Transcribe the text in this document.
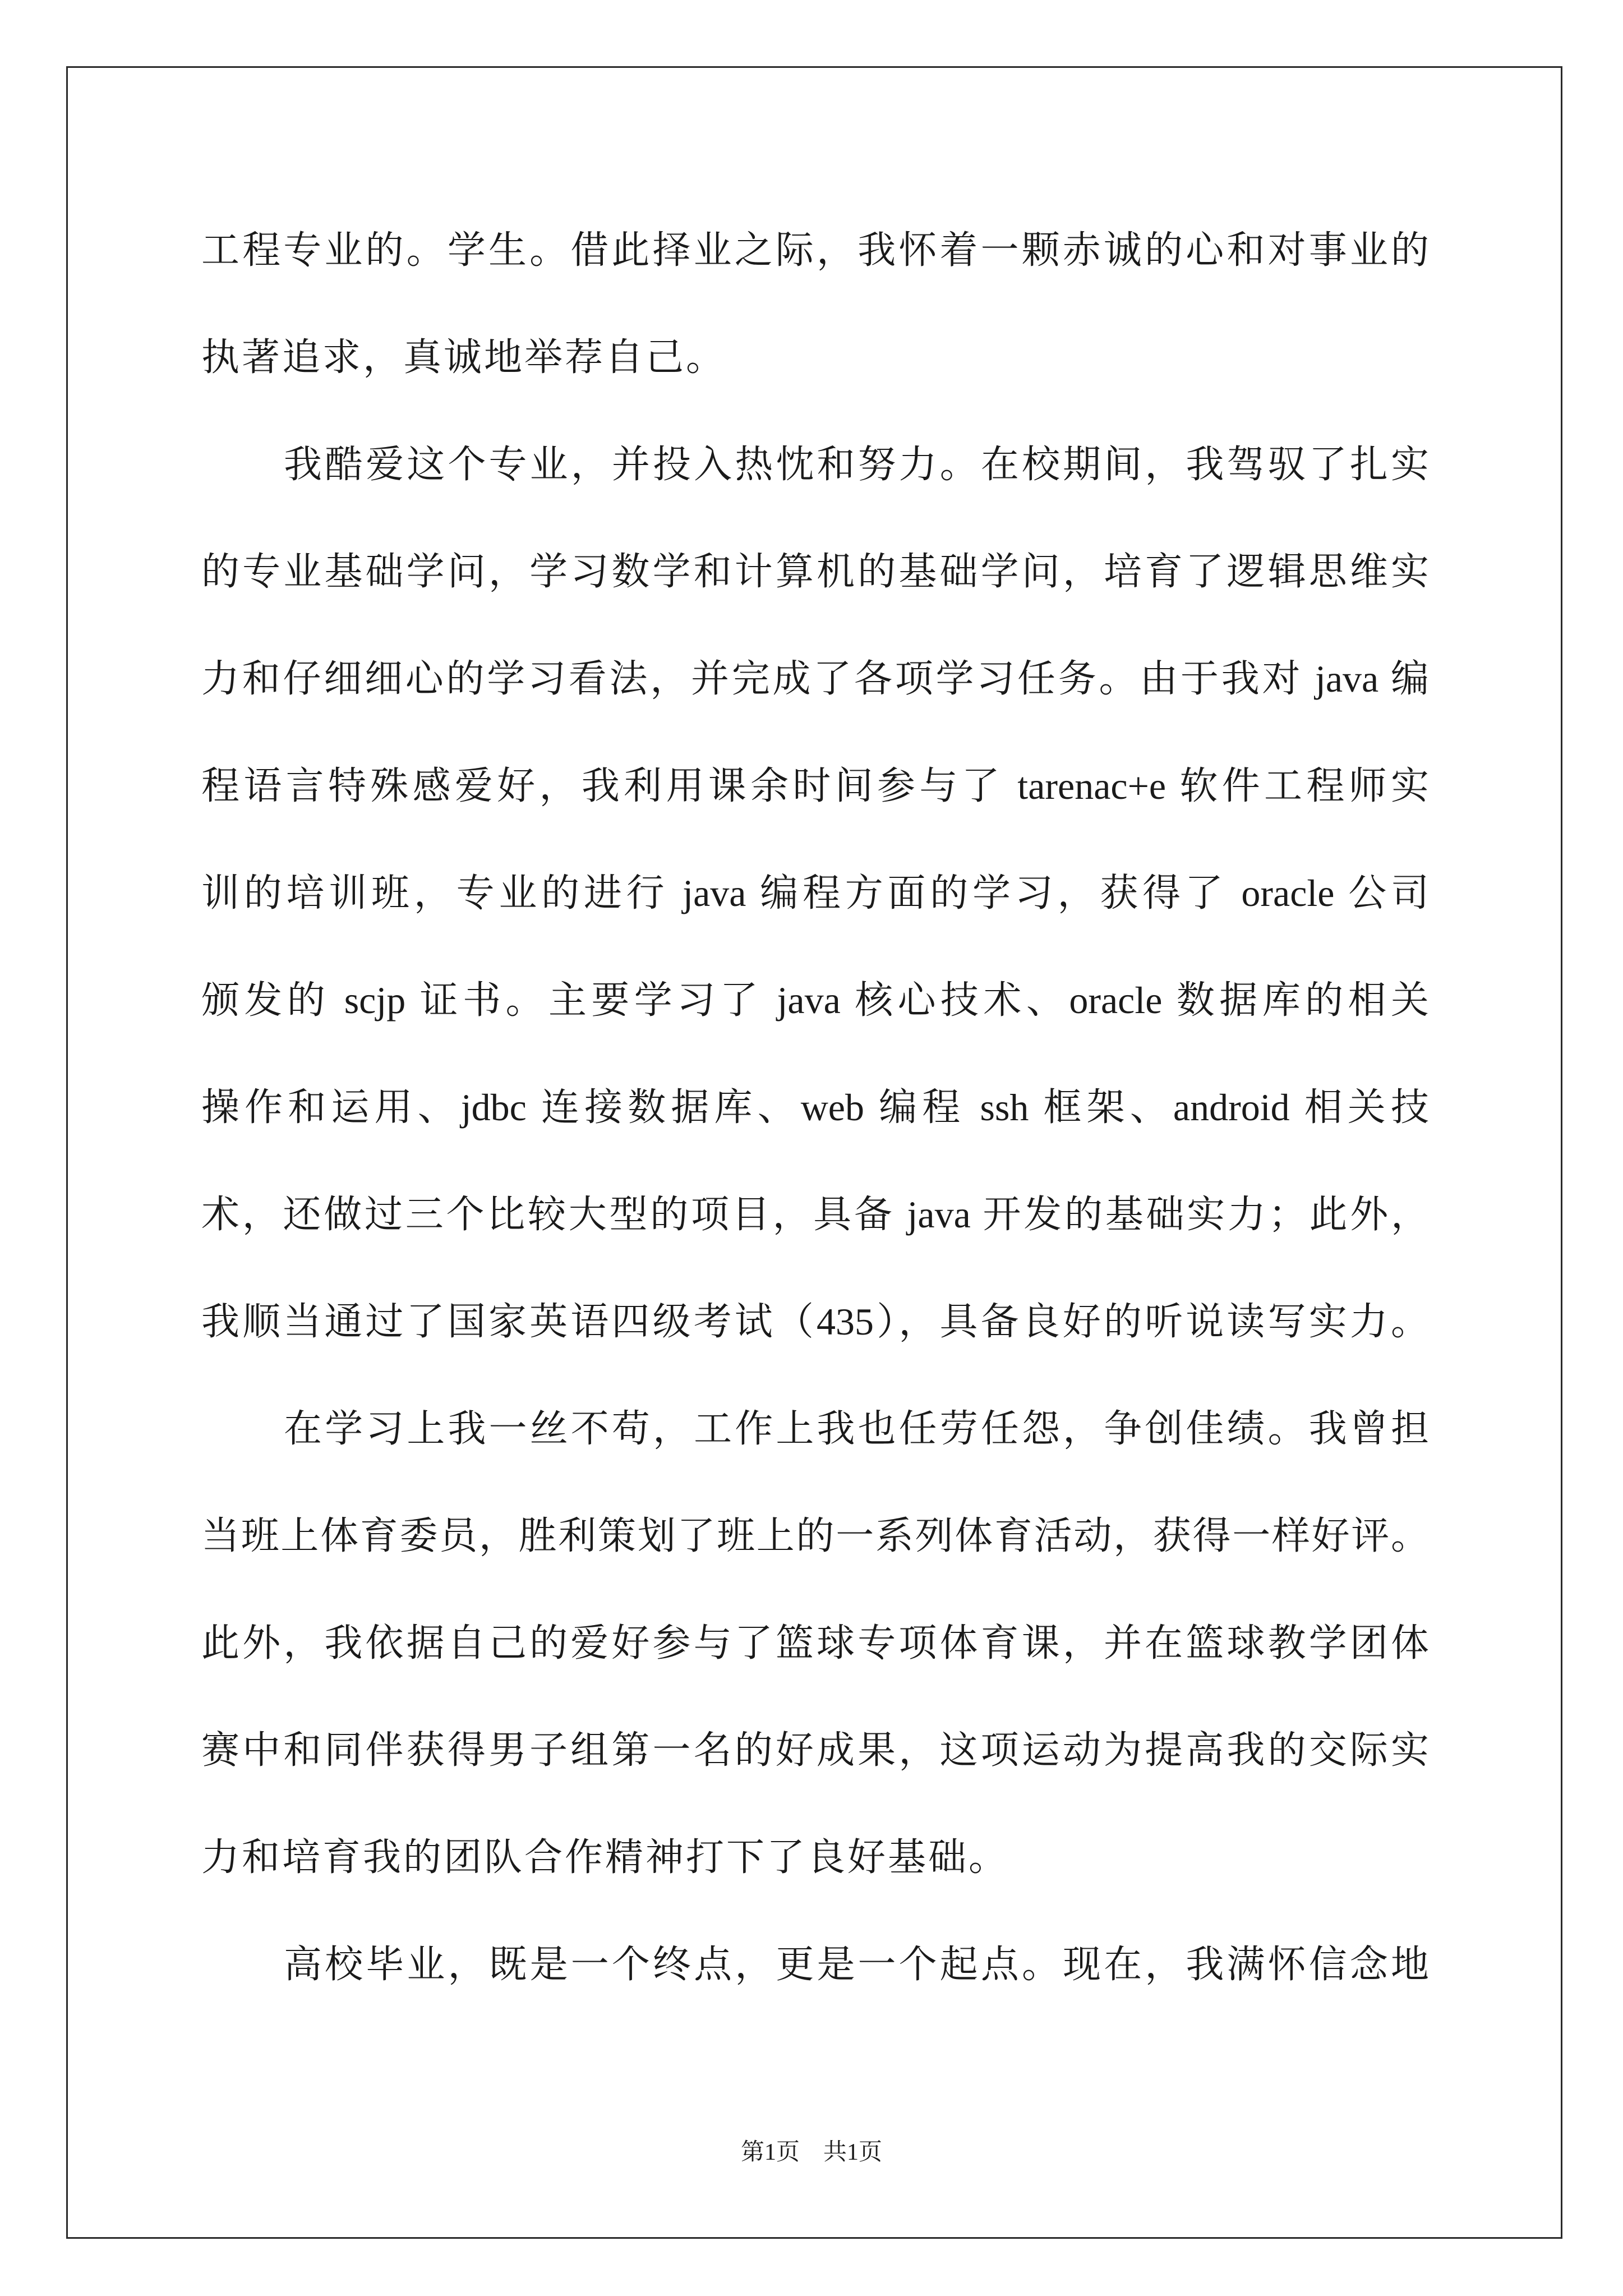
工程专业的。学生。借此择业之际，我怀着一颗赤诚的心和对事业的
执著追求，真诚地举荐自己。
我酷爱这个专业，并投入热忱和努力。在校期间，我驾驭了扎实
的专业基础学问，学习数学和计算机的基础学问，培育了逻辑思维实
力和仔细细心的学习看法，并完成了各项学习任务。由于我对 java 编
程语言特殊感爱好，我利用课余时间参与了 tarenac+e 软件工程师实
训的培训班，专业的进行 java 编程方面的学习，获得了 oracle 公司
颁发的 scjp 证书。主要学习了 java 核心技术、oracle 数据库的相关
操作和运用、jdbc 连接数据库、web 编程 ssh 框架、android 相关技
术，还做过三个比较大型的项目，具备 java 开发的基础实力；此外，
我顺当通过了国家英语四级考试（435），具备良好的听说读写实力。
在学习上我一丝不苟，工作上我也任劳任怨，争创佳绩。我曾担
当班上体育委员，胜利策划了班上的一系列体育活动，获得一样好评。
此外，我依据自己的爱好参与了篮球专项体育课，并在篮球教学团体
赛中和同伴获得男子组第一名的好成果，这项运动为提高我的交际实
力和培育我的团队合作精神打下了良好基础。
高校毕业，既是一个终点，更是一个起点。现在，我满怀信念地
第1页　共1页
